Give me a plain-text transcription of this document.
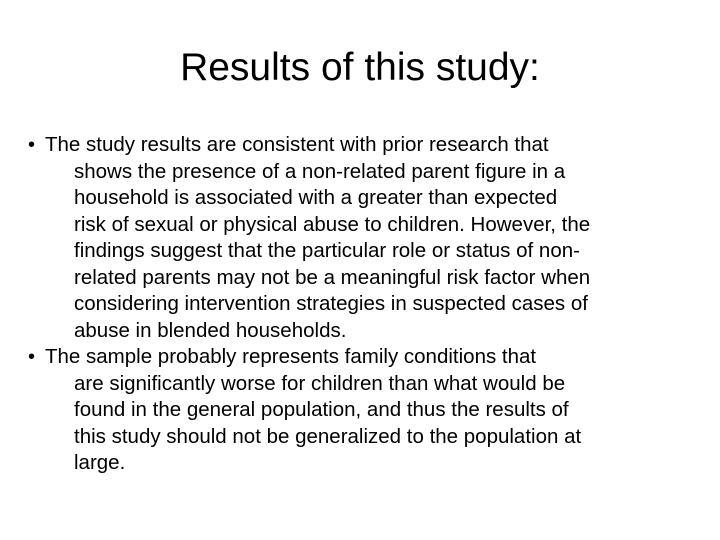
Results of this study:
• The study results are consistent with prior research that
shows the presence of a non-related parent figure in a
household is associated with a greater than expected
risk of sexual or physical abuse to children. However, the
findings suggest that the particular role or status of non-
related parents may not be a meaningful risk factor when
considering intervention strategies in suspected cases of
abuse in blended households.
• The sample probably represents family conditions that
are significantly worse for children than what would be
found in the general population, and thus the results of
this study should not be generalized to the population at
large.
